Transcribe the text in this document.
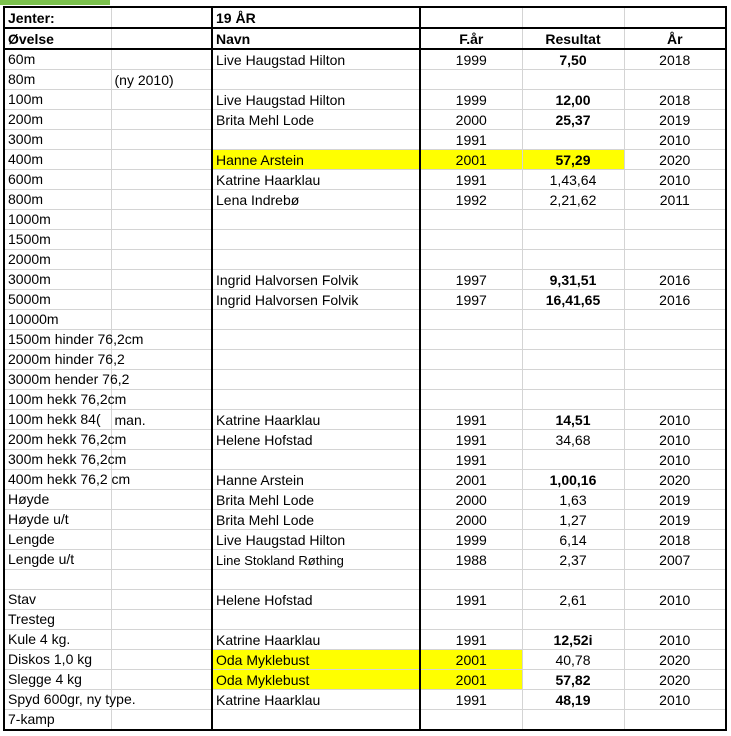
Jenter:		19 ÅR			
Øvelse		Navn	F.år	Resultat	År

60m		Live Haugstad Hilton	1999	7,50	2018

80m	(ny 2010)				

100m		Live Haugstad Hilton	1999	12,00	2018

200m		Brita Mehl Lode	2000	25,37	2019

300m			1991		2010

400m		Hanne Arstein	2001	57,29	2020

600m		Katrine Haarklau	1991	1,43,64	2010

800m		Lena Indrebø	1992	2,21,62	2011

1000m					

1500m					

2000m					

3000m		Ingrid Halvorsen Folvik	1997	9,31,51	2016

5000m		Ingrid Halvorsen Folvik	1997	16,41,65	2016

10000m					

1500m hinder 76,2cm					

2000m hinder 76,2					

3000m hender 76,2					

100m hekk 76,2cm					

100m hekk 84(	man.	Katrine Haarklau	1991	14,51	2010

200m hekk 76,2cm		Helene Hofstad	1991	34,68	2010

300m hekk 76,2cm			1991		2010

400m hekk 76,2 cm		Hanne Arstein	2001	1,00,16	2020

Høyde		Brita Mehl Lode	2000	1,63	2019

Høyde u/t		Brita Mehl Lode	2000	1,27	2019

Lengde		Live Haugstad Hilton	1999	6,14	2018

Lengde u/t		Line Stokland Røthing	1988	2,37	2007

Stav		Helene Hofstad	1991	2,61	2010

Tresteg					

Kule 4 kg.		Katrine Haarklau	1991	12,52i	2010

Diskos 1,0 kg		Oda Myklebust	2001	40,78	2020

Slegge 4 kg		Oda Myklebust	2001	57,82	2020

Spyd 600gr, ny type.		Katrine Haarklau	1991	48,19	2010

7-kamp					
